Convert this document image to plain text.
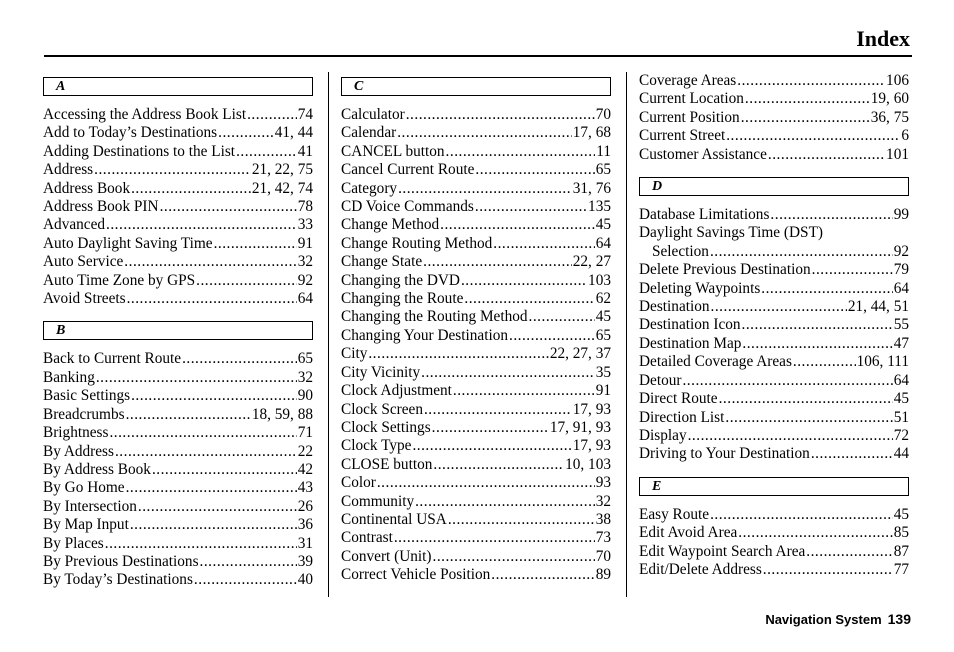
Index
A
Accessing the Address Book List .....	74
Add to Today’s Destinations .....	41, 44
Adding Destinations to the List .....	41
Address .....	21, 22, 75
Address Book .....	21, 42, 74
Address Book PIN .....	78
Advanced .....	33
Auto Daylight Saving Time .....	91
Auto Service .....	32
Auto Time Zone by GPS .....	92
Avoid Streets .....	64
B
Back to Current Route .....	65
Banking .....	32
Basic Settings .....	90
Breadcrumbs .....	18, 59, 88
Brightness .....	71
By Address .....	22
By Address Book .....	42
By Go Home .....	43
By Intersection .....	26
By Map Input .....	36
By Places .....	31
By Previous Destinations .....	39
By Today’s Destinations .....	40
C
Calculator .....	70
Calendar .....	17, 68
CANCEL button .....	11
Cancel Current Route .....	65
Category .....	31, 76
CD Voice Commands .....	135
Change Method .....	45
Change Routing Method .....	64
Change State .....	22, 27
Changing the DVD .....	103
Changing the Route .....	62
Changing the Routing Method .....	45
Changing Your Destination .....	65
City .....	22, 27, 37
City Vicinity .....	35
Clock Adjustment .....	91
Clock Screen .....	17, 93
Clock Settings .....	17, 91, 93
Clock Type .....	17, 93
CLOSE button .....	10, 103
Color .....	93
Community .....	32
Continental USA .....	38
Contrast .....	73
Convert (Unit) .....	70
Correct Vehicle Position .....	89
Coverage Areas .....	106
Current Location .....	19, 60
Current Position .....	36, 75
Current Street .....	6
Customer Assistance .....	101
D
Database Limitations .....	99
Daylight Savings Time (DST)
Selection .....	92
Delete Previous Destination .....	79
Deleting Waypoints .....	64
Destination .....	21, 44, 51
Destination Icon .....	55
Destination Map .....	47
Detailed Coverage Areas .....	106, 111
Detour .....	64
Direct Route .....	45
Direction List .....	51
Display .....	72
Driving to Your Destination .....	44
E
Easy Route .....	45
Edit Avoid Area .....	85
Edit Waypoint Search Area .....	87
Edit/Delete Address .....	77
Navigation System 139
